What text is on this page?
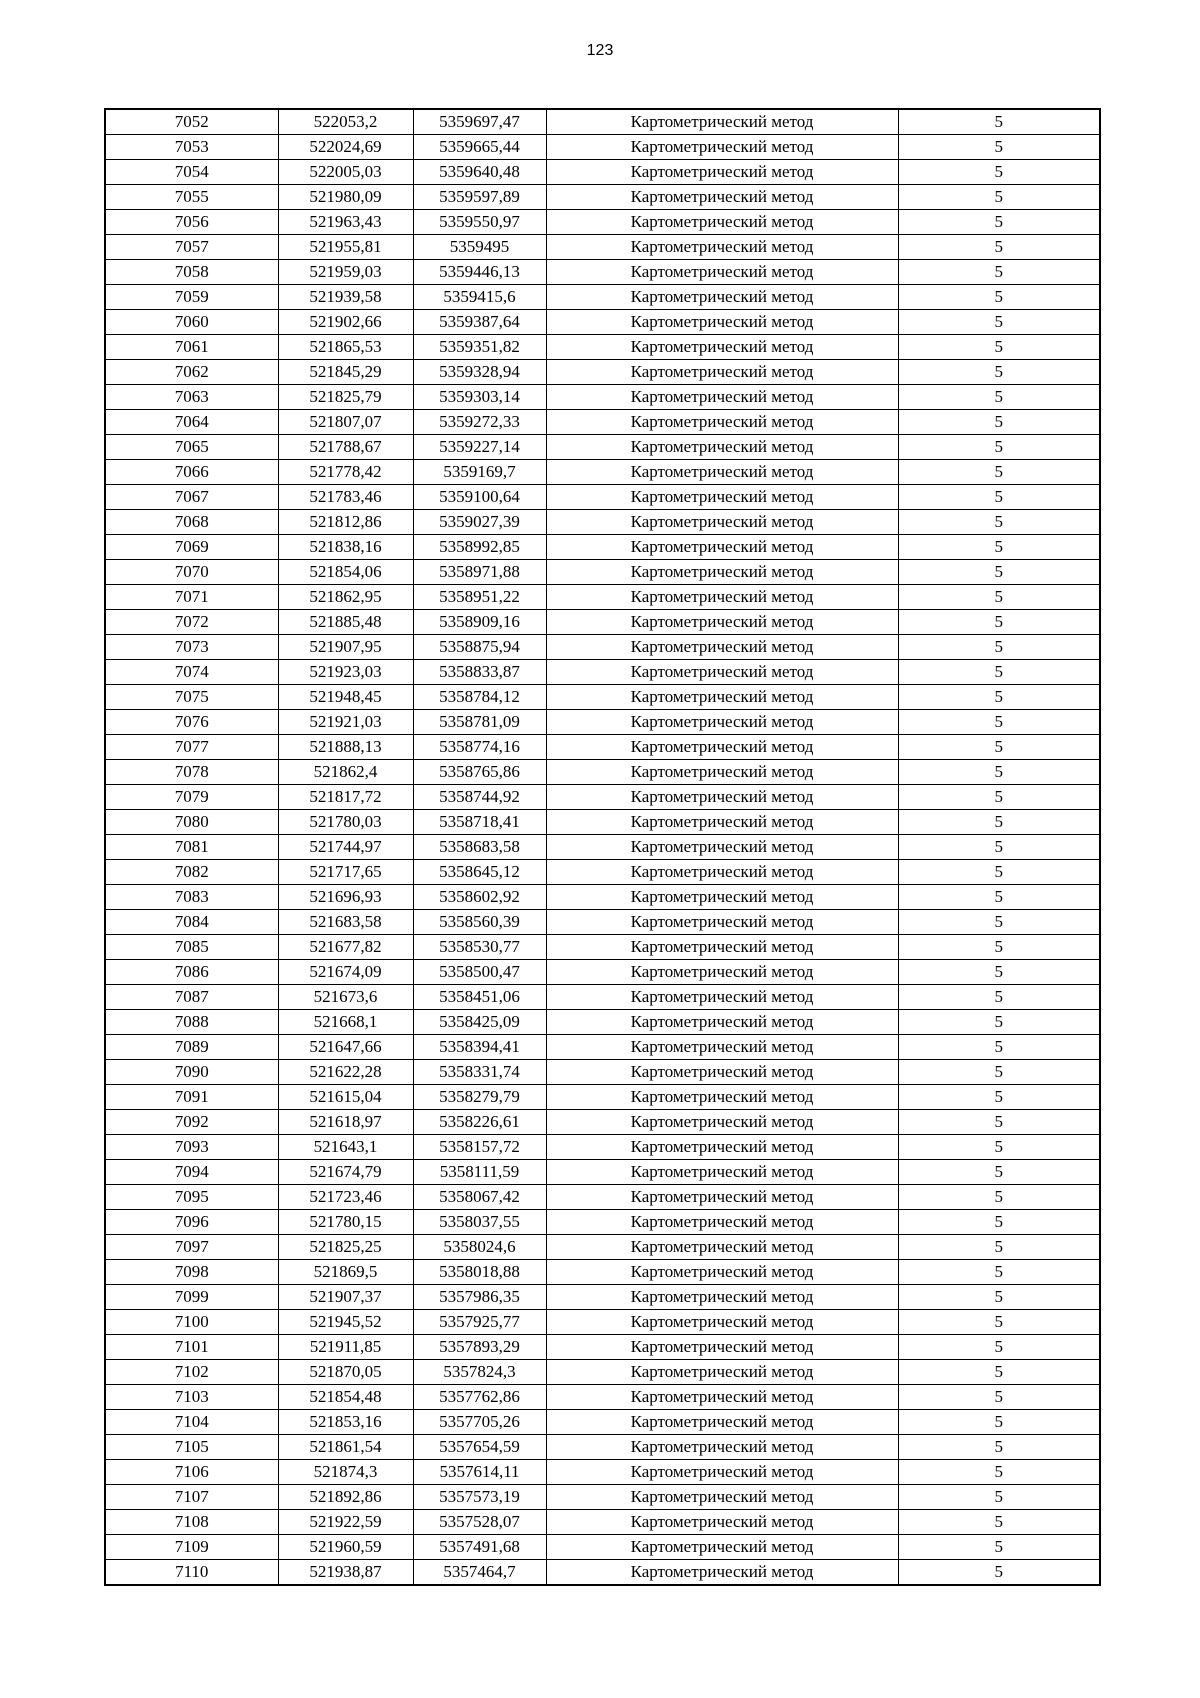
123
7052	522053,2	5359697,47	Картометрический метод	5
7053	522024,69	5359665,44	Картометрический метод	5
7054	522005,03	5359640,48	Картометрический метод	5
7055	521980,09	5359597,89	Картометрический метод	5
7056	521963,43	5359550,97	Картометрический метод	5
7057	521955,81	5359495	Картометрический метод	5
7058	521959,03	5359446,13	Картометрический метод	5
7059	521939,58	5359415,6	Картометрический метод	5
7060	521902,66	5359387,64	Картометрический метод	5
7061	521865,53	5359351,82	Картометрический метод	5
7062	521845,29	5359328,94	Картометрический метод	5
7063	521825,79	5359303,14	Картометрический метод	5
7064	521807,07	5359272,33	Картометрический метод	5
7065	521788,67	5359227,14	Картометрический метод	5
7066	521778,42	5359169,7	Картометрический метод	5
7067	521783,46	5359100,64	Картометрический метод	5
7068	521812,86	5359027,39	Картометрический метод	5
7069	521838,16	5358992,85	Картометрический метод	5
7070	521854,06	5358971,88	Картометрический метод	5
7071	521862,95	5358951,22	Картометрический метод	5
7072	521885,48	5358909,16	Картометрический метод	5
7073	521907,95	5358875,94	Картометрический метод	5
7074	521923,03	5358833,87	Картометрический метод	5
7075	521948,45	5358784,12	Картометрический метод	5
7076	521921,03	5358781,09	Картометрический метод	5
7077	521888,13	5358774,16	Картометрический метод	5
7078	521862,4	5358765,86	Картометрический метод	5
7079	521817,72	5358744,92	Картометрический метод	5
7080	521780,03	5358718,41	Картометрический метод	5
7081	521744,97	5358683,58	Картометрический метод	5
7082	521717,65	5358645,12	Картометрический метод	5
7083	521696,93	5358602,92	Картометрический метод	5
7084	521683,58	5358560,39	Картометрический метод	5
7085	521677,82	5358530,77	Картометрический метод	5
7086	521674,09	5358500,47	Картометрический метод	5
7087	521673,6	5358451,06	Картометрический метод	5
7088	521668,1	5358425,09	Картометрический метод	5
7089	521647,66	5358394,41	Картометрический метод	5
7090	521622,28	5358331,74	Картометрический метод	5
7091	521615,04	5358279,79	Картометрический метод	5
7092	521618,97	5358226,61	Картометрический метод	5
7093	521643,1	5358157,72	Картометрический метод	5
7094	521674,79	5358111,59	Картометрический метод	5
7095	521723,46	5358067,42	Картометрический метод	5
7096	521780,15	5358037,55	Картометрический метод	5
7097	521825,25	5358024,6	Картометрический метод	5
7098	521869,5	5358018,88	Картометрический метод	5
7099	521907,37	5357986,35	Картометрический метод	5
7100	521945,52	5357925,77	Картометрический метод	5
7101	521911,85	5357893,29	Картометрический метод	5
7102	521870,05	5357824,3	Картометрический метод	5
7103	521854,48	5357762,86	Картометрический метод	5
7104	521853,16	5357705,26	Картометрический метод	5
7105	521861,54	5357654,59	Картометрический метод	5
7106	521874,3	5357614,11	Картометрический метод	5
7107	521892,86	5357573,19	Картометрический метод	5
7108	521922,59	5357528,07	Картометрический метод	5
7109	521960,59	5357491,68	Картометрический метод	5
7110	521938,87	5357464,7	Картометрический метод	5
